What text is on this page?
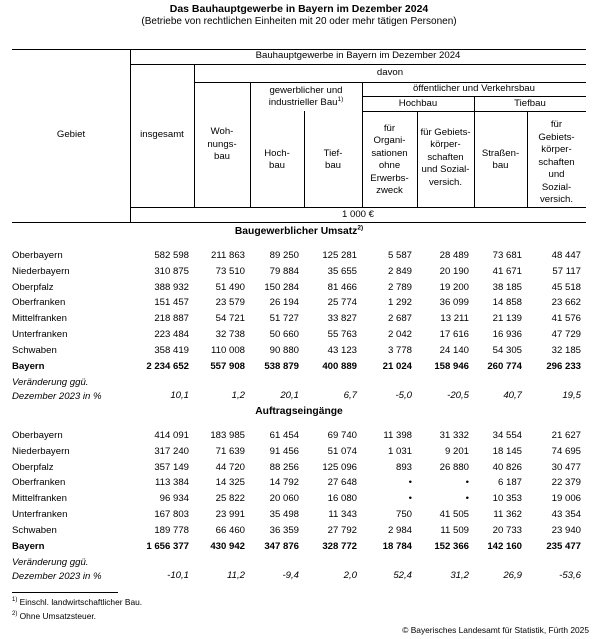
Das Bauhauptgewerbe in Bayern im Dezember 2024
(Betriebe von rechtlichen Einheiten mit 20 oder mehr tätigen Personen)
Gebiet
Bauhauptgewerbe in Bayern im Dezember 2024
insgesamt
davon
Woh-
nungs-
bau
gewerblicher und
industrieller Bau$^{1)}$
öffentlicher und Verkehrsbau
Hochbau	Tiefbau
Hoch-
bau
Tief-
bau
für
Organi-
sationen
ohne
Erwerbs-
zweck
für Gebiets-
körper-
schaften
und Sozial-
versich.
Straßen-
bau
für
Gebiets-
körper-
schaften
und
Sozial-
versich.
1 000 €
Baugewerblicher Umsatz$^{2)}$
Oberbayern	582 598	211 863	89 250	125 281	5 587	28 489	73 681	48 447
Niederbayern	310 875	73 510	79 884	35 655	2 849	20 190	41 671	57 117
Oberpfalz	388 932	51 490	150 284	81 466	2 789	19 200	38 185	45 518
Oberfranken	151 457	23 579	26 194	25 774	1 292	36 099	14 858	23 662
Mittelfranken	218 887	54 721	51 727	33 827	2 687	13 211	21 139	41 576
Unterfranken	223 484	32 738	50 660	55 763	2 042	17 616	16 936	47 729
Schwaben	358 419	110 008	90 880	43 123	3 778	24 140	54 305	32 185
Bayern	2 234 652	557 908	538 879	400 889	21 024	158 946	260 774	296 233
Veränderung ggü.
Dezember 2023 in %	10,1	1,2	20,1	6,7	-5,0	-20,5	40,7	19,5
Auftragseingänge
Oberbayern	414 091	183 985	61 454	69 740	11 398	31 332	34 554	21 627
Niederbayern	317 240	71 639	91 456	51 074	1 031	9 201	18 145	74 695
Oberpfalz	357 149	44 720	88 256	125 096	893	26 880	40 826	30 477
Oberfranken	113 384	14 325	14 792	27 648	•	•	6 187	22 379
Mittelfranken	96 934	25 822	20 060	16 080	•	•	10 353	19 006
Unterfranken	167 803	23 991	35 498	11 343	750	41 505	11 362	43 354
Schwaben	189 778	66 460	36 359	27 792	2 984	11 509	20 733	23 940
Bayern	1 656 377	430 942	347 876	328 772	18 784	152 366	142 160	235 477
Veränderung ggü.
Dezember 2023 in %	-10,1	11,2	-9,4	2,0	52,4	31,2	26,9	-53,6
$^{1)}$ Einschl. landwirtschaftlicher Bau.
$^{2)}$ Ohne Umsatzsteuer.
© Bayerisches Landesamt für Statistik, Fürth 2025
